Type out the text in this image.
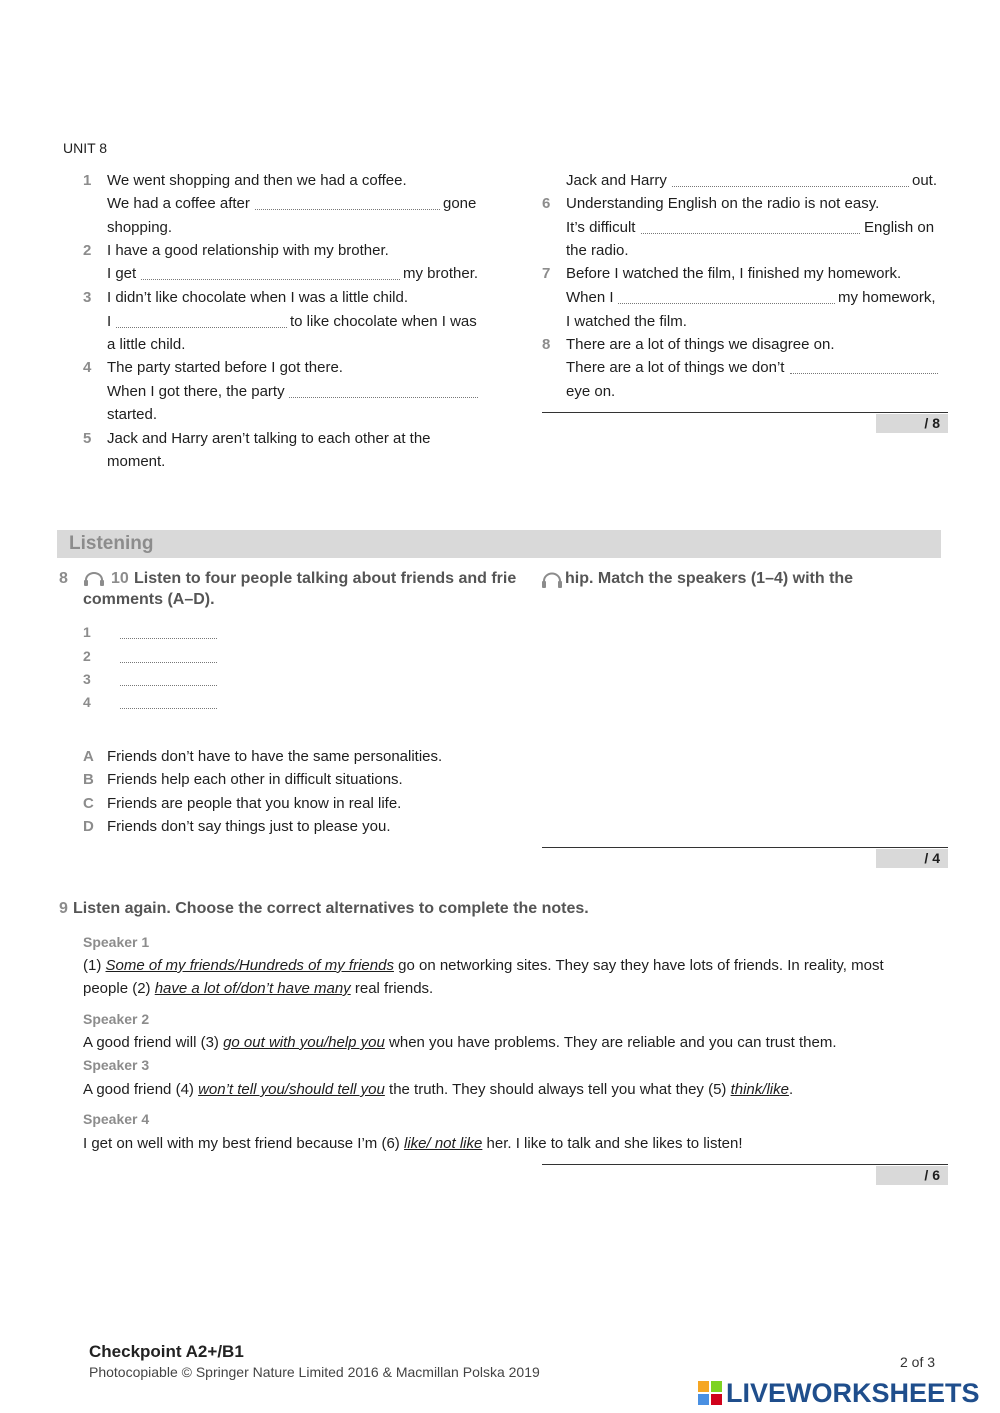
UNIT 8
1 We went shopping and then we had a coffee.
We had a coffee after	gone
shopping.
2 I have a good relationship with my brother.
I get	my brother.
3 I didn’t like chocolate when I was a little child.
I	to like chocolate when I was
a little child.
4 The party started before I got there.
When I got there, the party
started.
5 Jack and Harry aren’t talking to each other at the
moment.
Jack and Harry	out.
6 Understanding English on the radio is not easy.
It’s difficult	English on
the radio.
7 Before I watched the film, I finished my homework.
When I	my homework,
I watched the film.
8 There are a lot of things we disagree on.
There are a lot of things we don’t
eye on.
/ 8
Listening
8	10 Listen to four people talking about friends and frie	hip. Match the speakers (1–4) with the
comments (A–D).
1
2
3
4
A Friends don’t have to have the same personalities.
B Friends help each other in difficult situations.
C Friends are people that you know in real life.
D Friends don’t say things just to please you.
/ 4
9 Listen again. Choose the correct alternatives to complete the notes.
Speaker 1
(1) Some of my friends/Hundreds of my friends go on networking sites. They say they have lots of friends. In reality, most
people (2) have a lot of/don’t have many real friends.
Speaker 2
A good friend will (3) go out with you/help you when you have problems. They are reliable and you can trust them.
Speaker 3
A good friend (4) won’t tell you/should tell you the truth. They should always tell you what they (5) think/like.
Speaker 4
I get on well with my best friend because I’m (6) like/ not like her. I like to talk and she likes to listen!
/ 6
Checkpoint A2+/B1
Photocopiable © Springer Nature Limited 2016 & Macmillan Polska 2019
2 of 3
LIVEWORKSHEETS
